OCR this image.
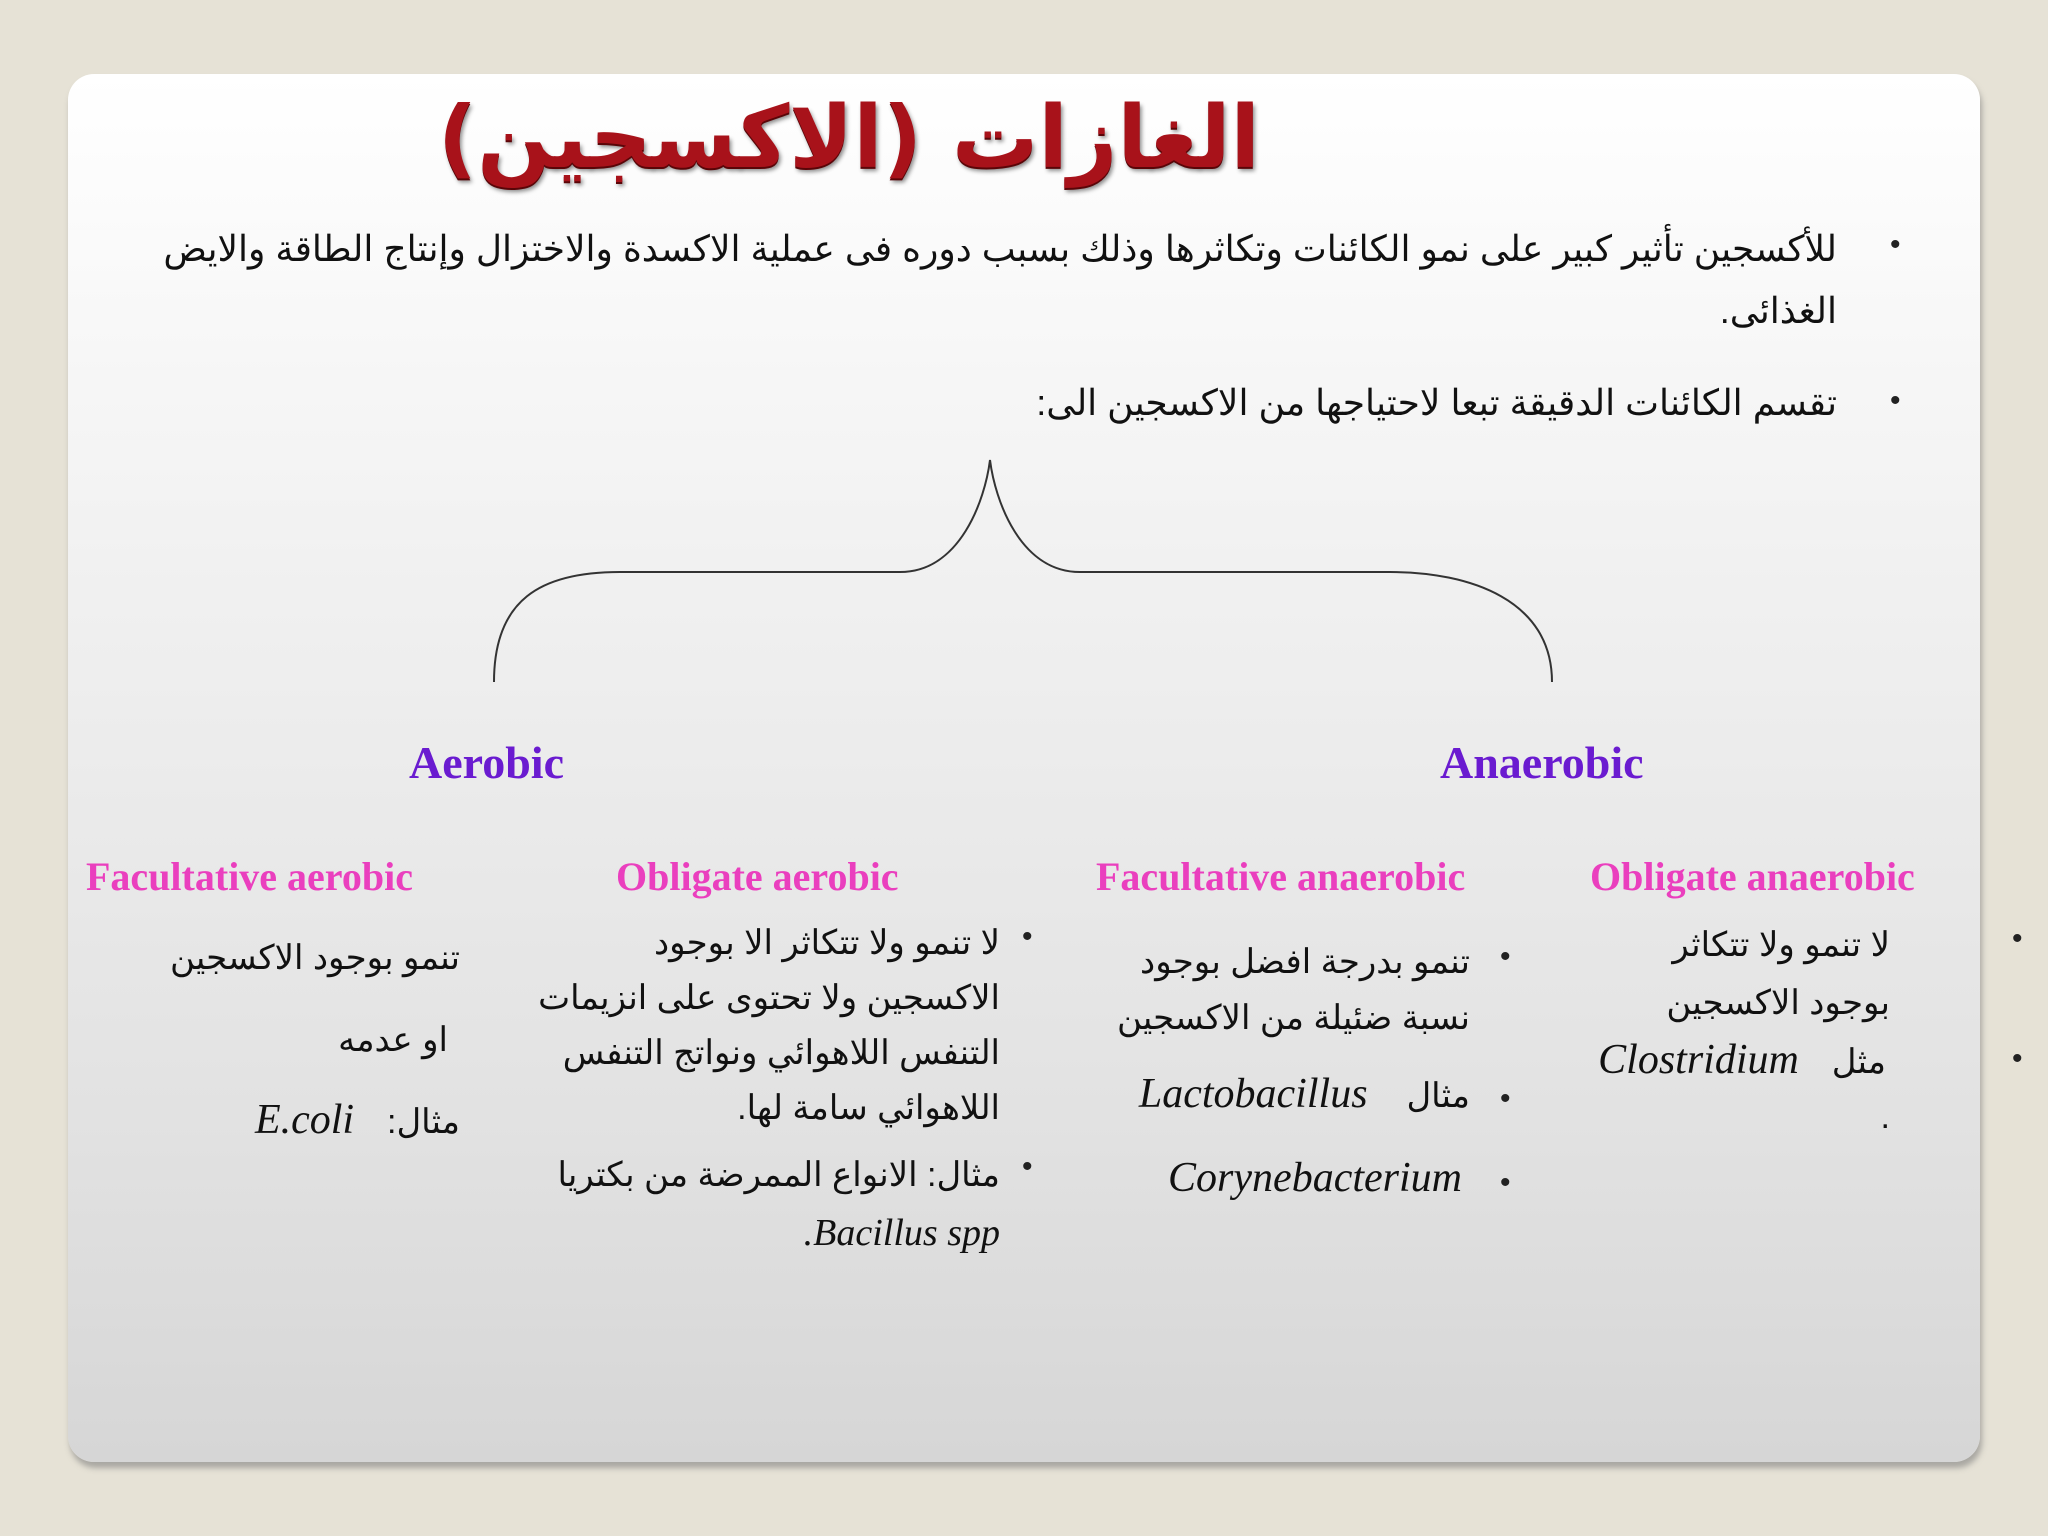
الغازات (الاكسجين)
•
للأكسجين تأثير كبير على نمو الكائنات وتكاثرها وذلك بسبب دوره فى عملية الاكسدة والاختزال وإنتاج الطاقة والايض الغذائى.
•
تقسم الكائنات الدقيقة تبعا لاحتياجها من الاكسجين الى:
Aerobic	Anaerobic
Facultative aerobic	Obligate aerobic	Facultative anaerobic	Obligate anaerobic
تنمو بوجود الاكسجين
او عدمه
E.coli مثال:
•
لا تنمو ولا تتكاثر الا بوجود الاكسجين ولا تحتوى على انزيمات التنفس اللاهوائي ونواتج التنفس اللاهوائي سامة لها.
•
مثال: الانواع الممرضة من بكتريا
.Bacillus spp
•
تنمو بدرجة افضل بوجود نسبة ضئيلة من الاكسجين
•
Lactobacillus مثال
•
Corynebacterium
•
لا تنمو ولا تتكاثر بوجود الاكسجين
•
Clostridium مثل
.
